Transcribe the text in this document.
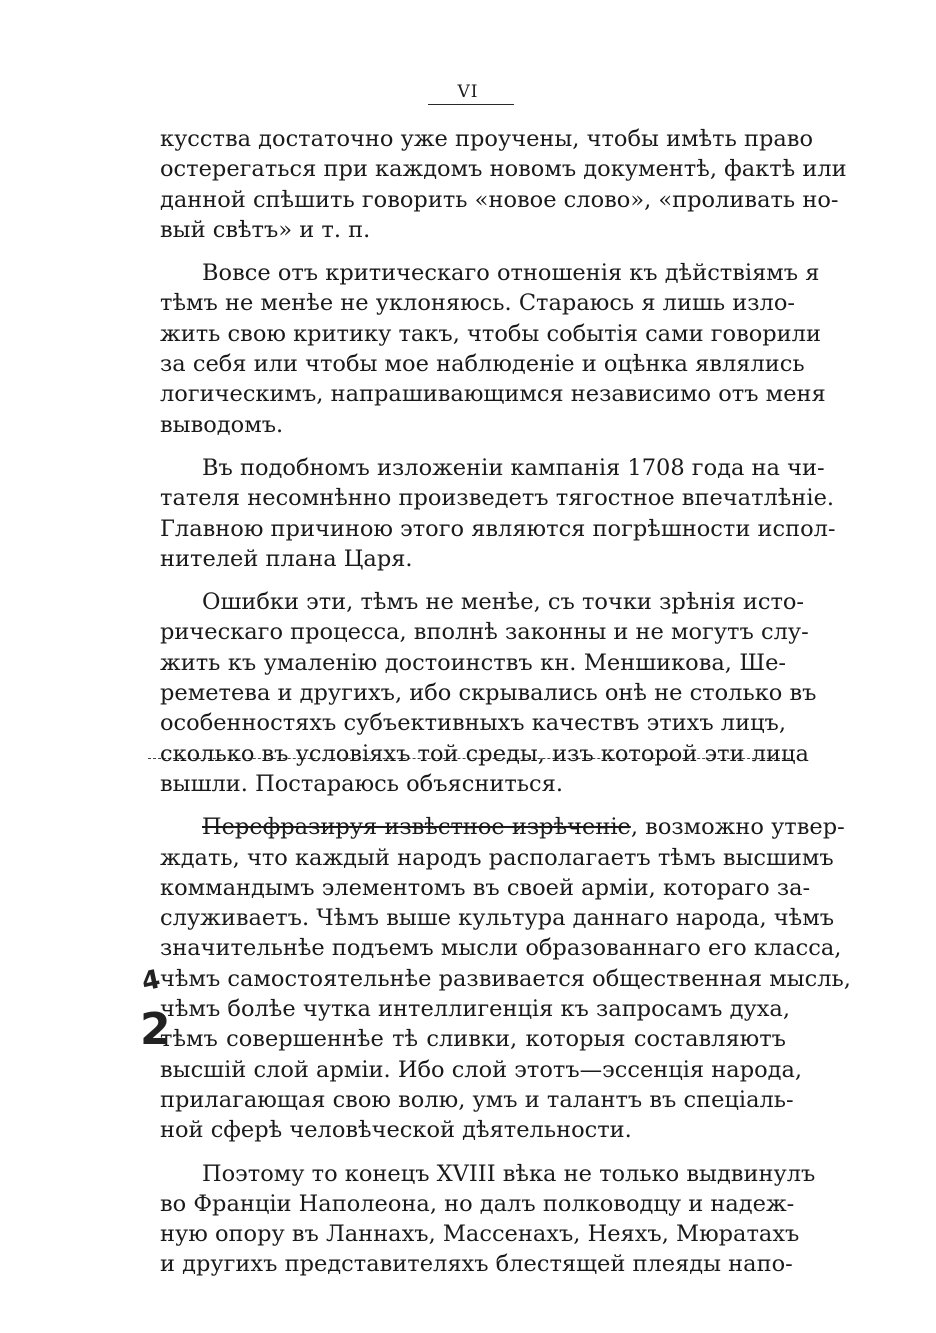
VI
кусства достаточно уже проучены, чтобы имѣть право
остерегаться при каждомъ новомъ документѣ, фактѣ или
данной спѣшить говорить «новое слово», «проливать но-
вый свѣтъ» и т. п.
Вовсе отъ критическаго отношенія къ дѣйствіямъ я
тѣмъ не менѣе не уклоняюсь. Стараюсь я лишь изло-
жить свою критику такъ, чтобы событія сами говорили
за себя или чтобы мое наблюденіе и оцѣнка являлись
логическимъ, напрашивающимся независимо отъ меня
выводомъ.
Въ подобномъ изложеніи кампанія 1708 года на чи-
тателя несомнѣнно произведетъ тягостное впечатлѣніе.
Главною причиною этого являются погрѣшности испол-
нителей плана Царя.
Ошибки эти, тѣмъ не менѣе, съ точки зрѣнія исто-
рическаго процесса, вполнѣ законны и не могутъ слу-
жить къ умаленію достоинствъ кн. Меншикова, Ше-
реметева и другихъ, ибо скрывались онѣ не столько въ
особенностяхъ субъективныхъ качествъ этихъ лицъ,
сколько въ условіяхъ той среды, изъ которой эти лица
вышли. Постараюсь объясниться.
Перефразируя извѣстное изрѣченіе, возможно утвер-
ждать, что каждый народъ располагаетъ тѣмъ высшимъ
коммандымъ элементомъ въ своей арміи, котораго за-
служиваетъ. Чѣмъ выше культура даннаго народа, чѣмъ
значительнѣе подъемъ мысли образованнаго его класса,
чѣмъ самостоятельнѣе развивается общественная мысль,
чѣмъ болѣе чутка интеллигенція къ запросамъ духа,
тѣмъ совершеннѣе тѣ сливки, которыя составляютъ
высшій слой арміи. Ибо слой этотъ—эссенція народа,
прилагающая свою волю, умъ и талантъ въ спеціаль-
ной сферѣ человѣческой дѣятельности.
Поэтому то конецъ XVIII вѣка не только выдвинулъ
во Франціи Наполеона, но далъ полководцу и надеж-
ную опору въ Ланнахъ, Массенахъ, Неяхъ, Мюратахъ
и другихъ представителяхъ блестящей плеяды напо-
4
2
